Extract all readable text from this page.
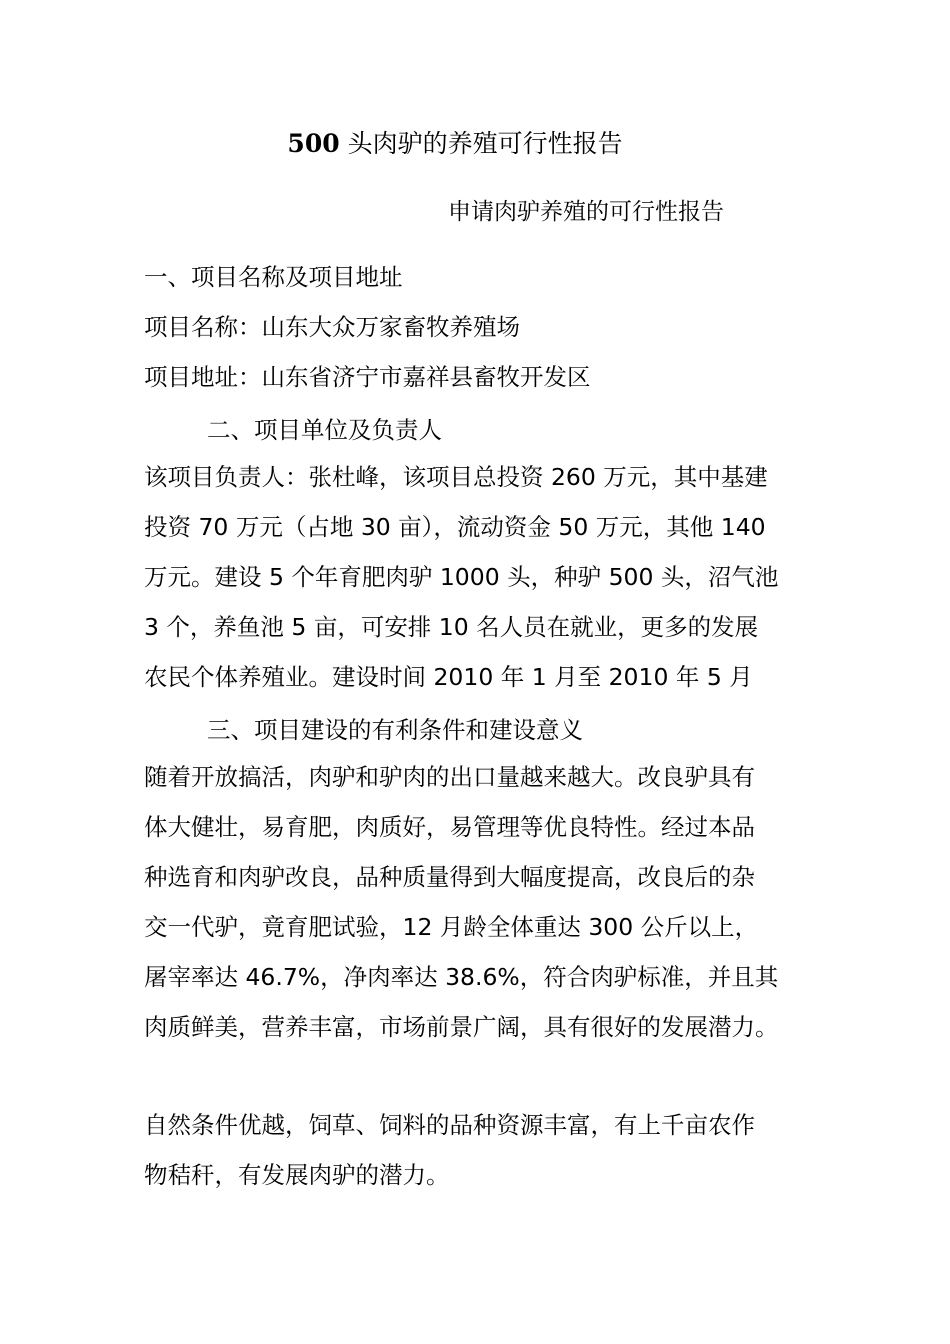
500 头肉驴的养殖可行性报告
申请肉驴养殖的可行性报告
一、项目名称及项目地址
项目名称：山东大众万家畜牧养殖场
项目地址：山东省济宁市嘉祥县畜牧开发区
二、项目单位及负责人
该项目负责人：张杜峰，该项目总投资 260 万元，其中基建
投资 70 万元（占地 30 亩），流动资金 50 万元，其他 140
万元。建设 5 个年育肥肉驴 1000 头，种驴 500 头，沼气池
3 个，养鱼池 5 亩，可安排 10 名人员在就业，更多的发展
农民个体养殖业。建设时间 2010 年 1 月至 2010 年 5 月
三、项目建设的有利条件和建设意义
随着开放搞活，肉驴和驴肉的出口量越来越大。改良驴具有
体大健壮，易育肥，肉质好，易管理等优良特性。经过本品
种选育和肉驴改良，品种质量得到大幅度提高，改良后的杂
交一代驴，竟育肥试验，12 月龄全体重达 300 公斤以上，
屠宰率达 46.7%，净肉率达 38.6%，符合肉驴标准，并且其
肉质鲜美，营养丰富，市场前景广阔，具有很好的发展潜力。
自然条件优越，饲草、饲料的品种资源丰富，有上千亩农作
物秸秆，有发展肉驴的潜力。
